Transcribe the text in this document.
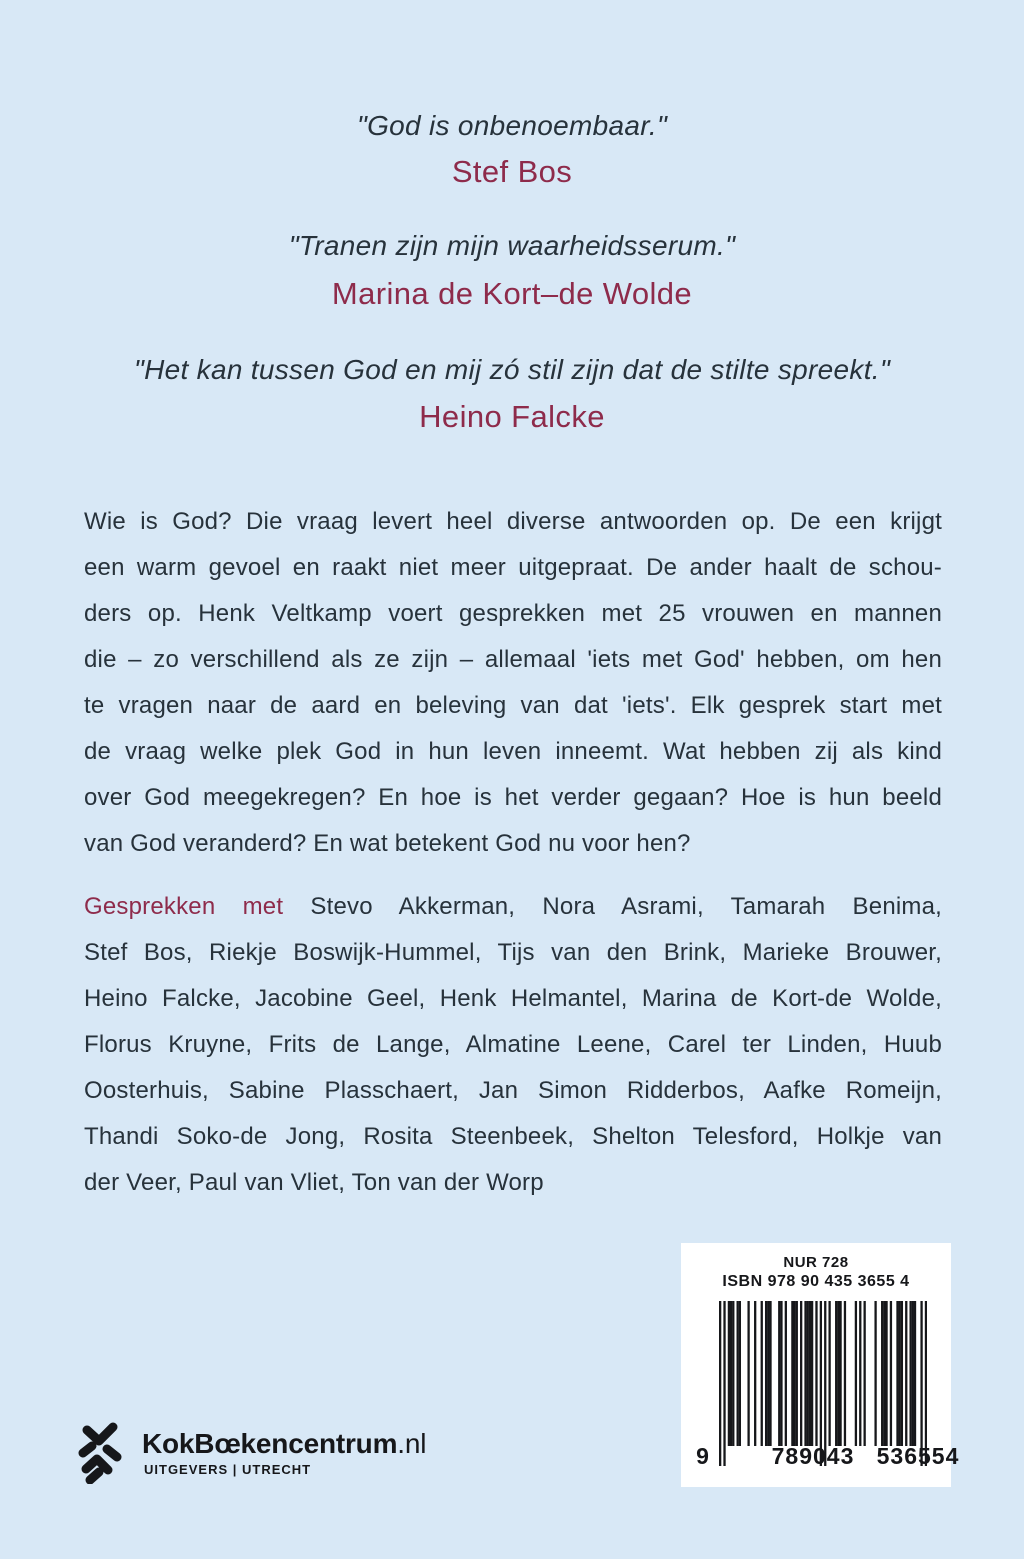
"God is onbenoembaar."
Stef Bos
"Tranen zijn mijn waarheidsserum."
Marina de Kort–de Wolde
"Het kan tussen God en mij zó stil zijn dat de stilte spreekt."
Heino Falcke
Wie is God? Die vraag levert heel diverse antwoorden op. De een krijgt
een warm gevoel en raakt niet meer uitgepraat. De ander haalt de schou-
ders op. Henk Veltkamp voert gesprekken met 25 vrouwen en mannen
die – zo verschillend als ze zijn – allemaal 'iets met God' hebben, om hen
te vragen naar de aard en beleving van dat 'iets'. Elk gesprek start met
de vraag welke plek God in hun leven inneemt. Wat hebben zij als kind
over God meegekregen? En hoe is het verder gegaan? Hoe is hun beeld
van God veranderd? En wat betekent God nu voor hen?
Gesprekken met Stevo Akkerman, Nora Asrami, Tamarah Benima,
Stef Bos, Riekje Boswijk-Hummel, Tijs van den Brink, Marieke Brouwer,
Heino Falcke, Jacobine Geel, Henk Helmantel, Marina de Kort-de Wolde,
Florus Kruyne, Frits de Lange, Almatine Leene, Carel ter Linden, Huub
Oosterhuis, Sabine Plasschaert, Jan Simon Ridderbos, Aafke Romeijn,
Thandi Soko-de Jong, Rosita Steenbeek, Shelton Telesford, Holkje van
der Veer, Paul van Vliet, Ton van der Worp
NUR 728
ISBN 978 90 435 3655 4
9	789043 536554
KokBœkencentrum.nl
UITGEVERS | UTRECHT
